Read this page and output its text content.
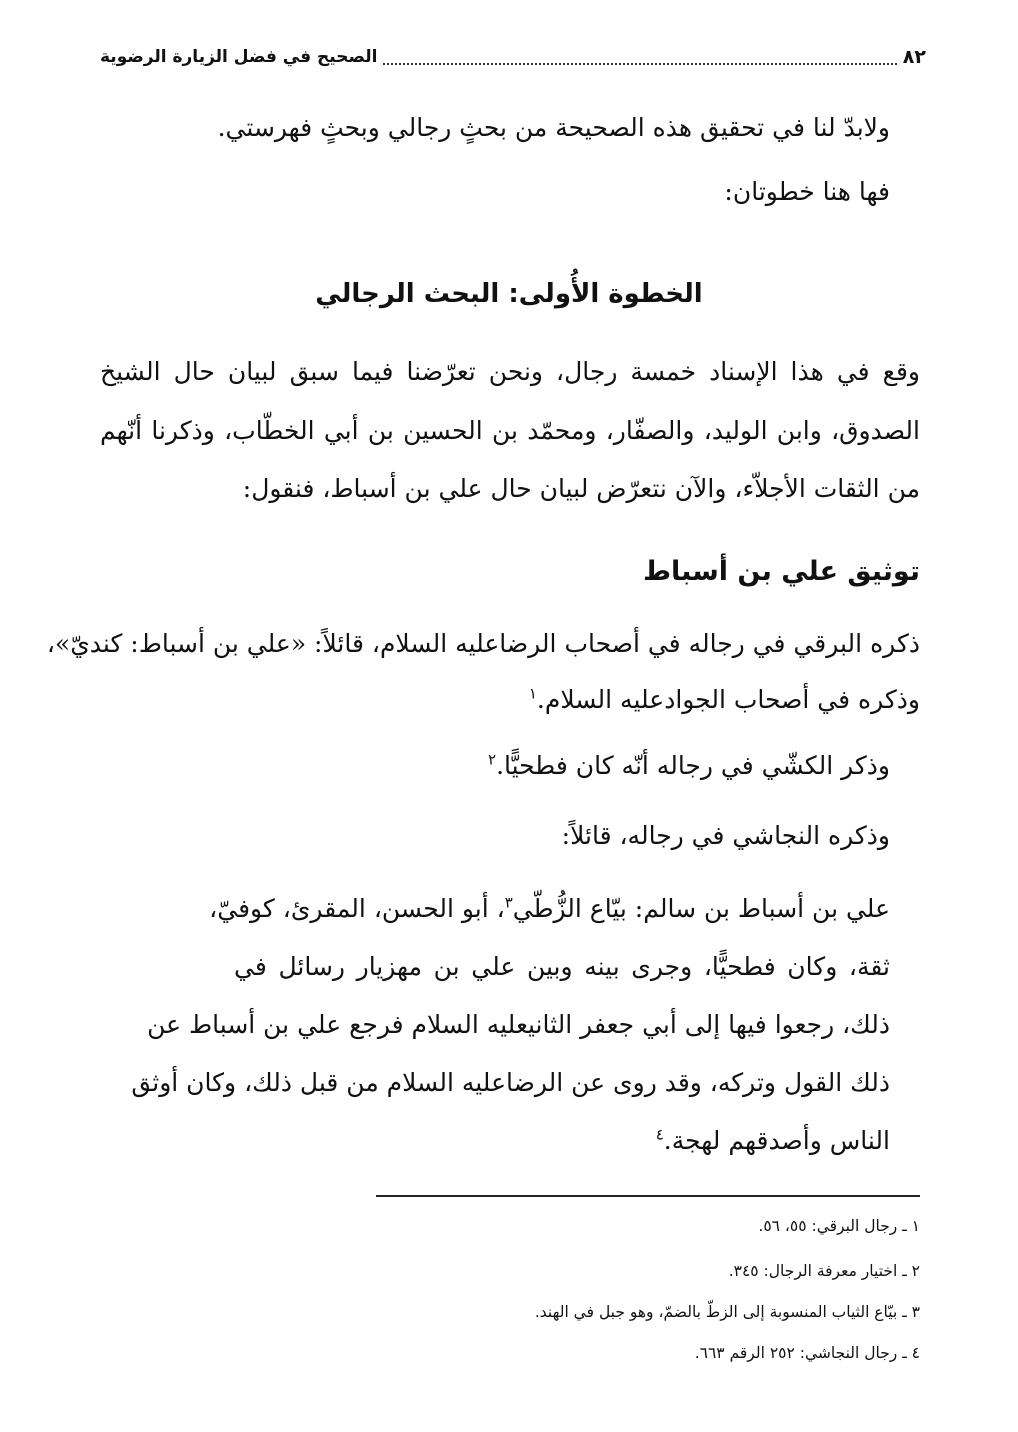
٨٢
الصحيح في فضل الزيارة الرضوية
ولابدّ لنا في تحقيق هذه الصحيحة من بحثٍ رجالي وبحثٍ فهرستي.
فها هنا خطوتان:
الخطوة الأُولى: البحث الرجالي
وقع في هذا الإسناد خمسة رجال، ونحن تعرّضنا فيما سبق لبيان حال الشيخ
الصدوق، وابن الوليد، والصفّار، ومحمّد بن الحسين بن أبي الخطّاب، وذكرنا أنّهم
من الثقات الأجلاّء، والآن نتعرّض لبيان حال علي بن أسباط، فنقول:
توثيق علي بن أسباط
ذكره البرقي في رجاله في أصحاب الرضاعليه السلام، قائلاً: «علي بن أسباط: كنديّ»،
وذكره في أصحاب الجوادعليه السلام.$^١$
وذكر الكشّي في رجاله أنّه كان فطحيًّا.$^٢$
وذكره النجاشي في رجاله، قائلاً:
علي بن أسباط بن سالم: بيّاع الزُّطّي$^٣$، أبو الحسن، المقرئ، كوفيّ،
ثقة، وكان فطحيًّا، وجرى بينه وبين علي بن مهزيار رسائل في
ذلك، رجعوا فيها إلى أبي جعفر الثانيعليه السلام فرجع علي بن أسباط عن
ذلك القول وتركه، وقد روى عن الرضاعليه السلام من قبل ذلك، وكان أوثق
الناس وأصدقهم لهجة.$^٤$
١ ـ رجال البرقي: ٥٥، ٥٦.
٢ ـ اختيار معرفة الرجال: ٣٤٥.
٣ ـ بيّاع الثياب المنسوبة إلى الزطّ بالضمّ، وهو جبل في الهند.
٤ ـ رجال النجاشي: ٢٥٢ الرقم ٦٦٣.
